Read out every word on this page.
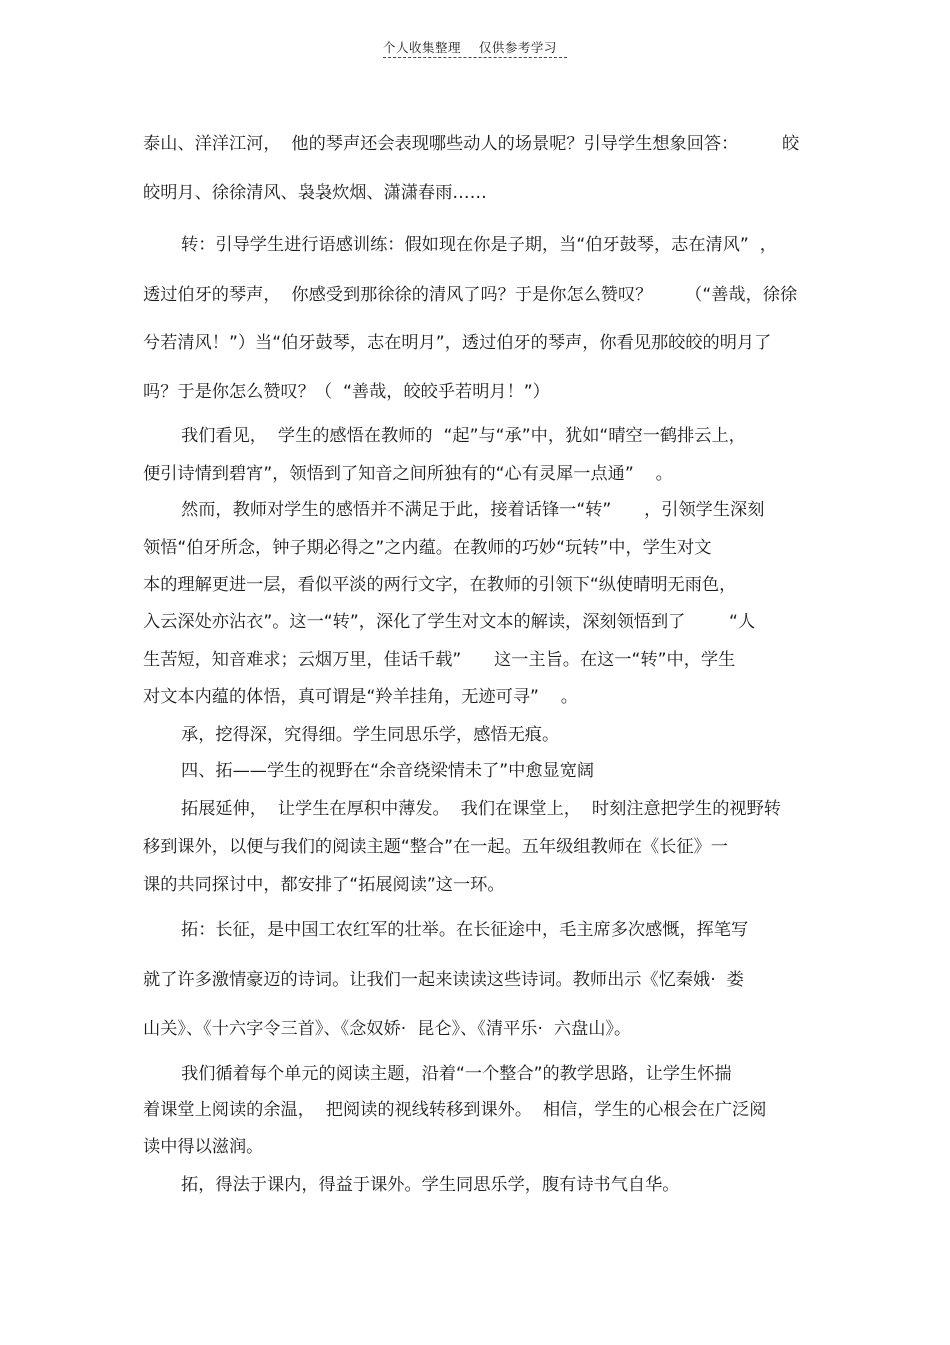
个人收集整理    仅供参考学习
泰山、洋洋江河，  他的琴声还会表现哪些动人的场景呢？引导学生想象回答：        皎
皎明月、徐徐清风、袅袅炊烟、潇潇春雨……
转：引导学生进行语感训练：假如现在你是子期，当“伯牙鼓琴，志在清风”  ，
透过伯牙的琴声，  你感受到那徐徐的清风了吗？于是你怎么赞叹？      （“善哉，徐徐
兮若清风！”）当“伯牙鼓琴，志在明月”，透过伯牙的琴声，你看见那皎皎的明月了
吗？于是你怎么赞叹？（  “善哉，皎皎乎若明月！”）
我们看见，  学生的感悟在教师的  “起”与“承”中，犹如“晴空一鹤排云上，
便引诗情到碧宵”，领悟到了知音之间所独有的“心有灵犀一点通”    。
然而，教师对学生的感悟并不满足于此，接着话锋一“转”      ，引领学生深刻
领悟“伯牙所念，钟子期必得之”之内蕴。在教师的巧妙“玩转”中，学生对文
本的理解更进一层，看似平淡的两行文字，在教师的引领下“纵使晴明无雨色，
入云深处亦沾衣”。这一“转”，深化了学生对文本的解读，深刻领悟到了        “人
生苦短，知音难求；云烟万里，佳话千载”      这一主旨。在这一“转”中，学生
对文本内蕴的体悟，真可谓是“羚羊挂角，无迹可寻”    。
承，挖得深，究得细。学生同思乐学，感悟无痕。
四、拓——学生的视野在“余音绕梁情未了”中愈显宽阔
拓展延伸，  让学生在厚积中薄发。  我们在课堂上，  时刻注意把学生的视野转
移到课外，以便与我们的阅读主题“整合”在一起。五年级组教师在《长征》一
课的共同探讨中，都安排了“拓展阅读”这一环。
拓：长征，是中国工农红军的壮举。在长征途中，毛主席多次感慨，挥笔写
就了许多激情豪迈的诗词。让我们一起来读读这些诗词。教师出示《忆秦娥·  娄
山关》、《十六字令三首》、《念奴娇·  昆仑》、《清平乐·  六盘山》。
我们循着每个单元的阅读主题，沿着“一个整合”的教学思路，让学生怀揣
着课堂上阅读的余温，  把阅读的视线转移到课外。  相信，学生的心根会在广泛阅
读中得以滋润。
拓，得法于课内，得益于课外。学生同思乐学，腹有诗书气自华。
